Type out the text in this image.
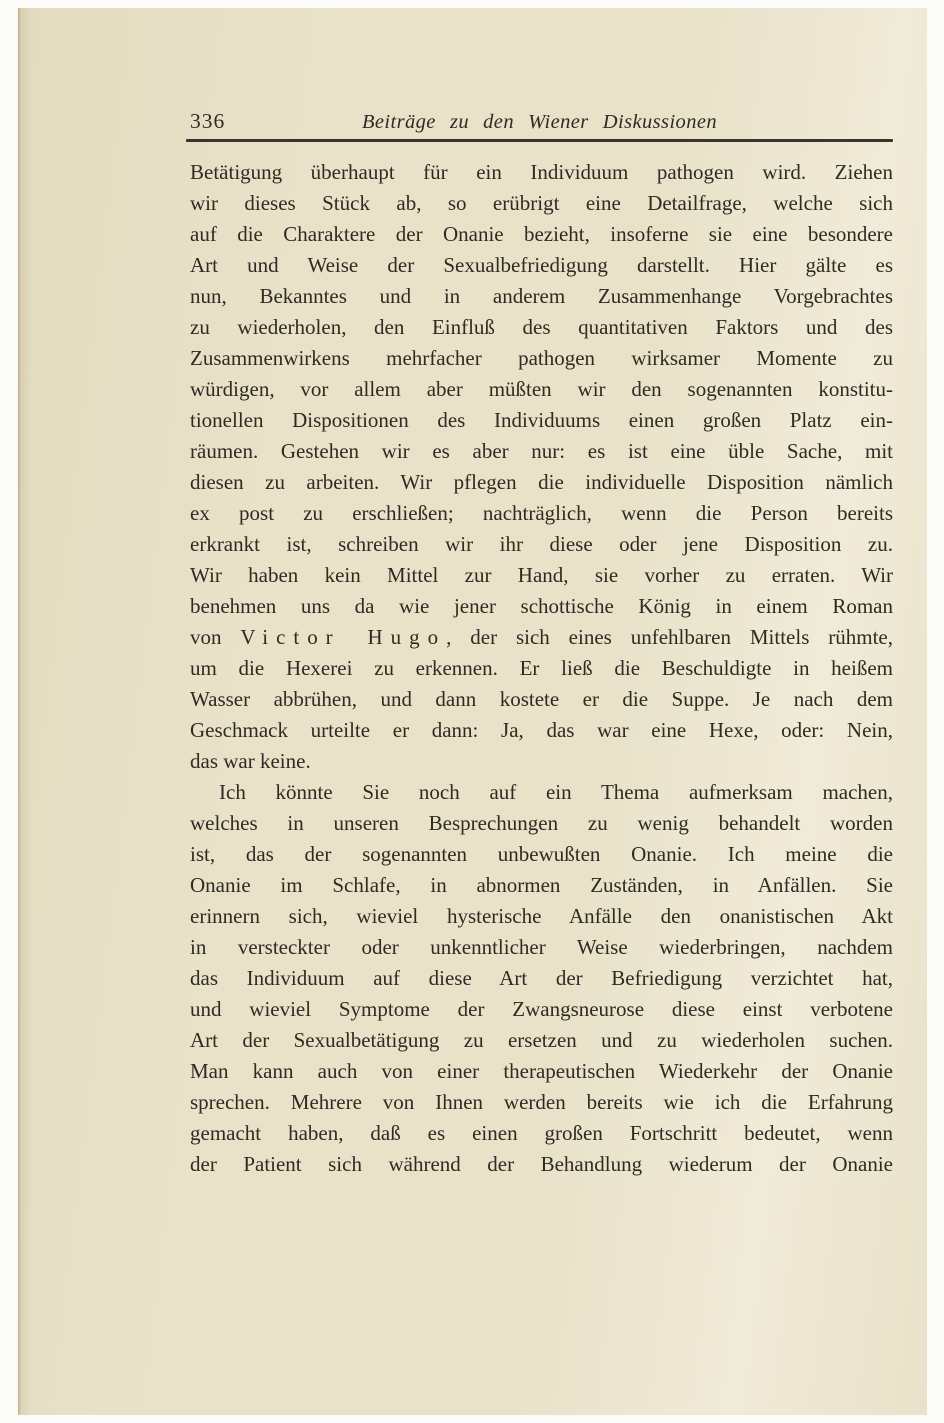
336	Beiträge zu den Wiener Diskussionen
Betätigung überhaupt für ein Individuum pathogen wird. Ziehen
wir dieses Stück ab, so erübrigt eine Detailfrage, welche sich
auf die Charaktere der Onanie bezieht, insoferne sie eine besondere
Art und Weise der Sexualbefriedigung darstellt. Hier gälte es
nun, Bekanntes und in anderem Zusammenhange Vorgebrachtes
zu wiederholen, den Einfluß des quantitativen Faktors und des
Zusammenwirkens mehrfacher pathogen wirksamer Momente zu
würdigen, vor allem aber müßten wir den sogenannten konstitu-
tionellen Dispositionen des Individuums einen großen Platz ein-
räumen. Gestehen wir es aber nur: es ist eine üble Sache, mit
diesen zu arbeiten. Wir pflegen die individuelle Disposition nämlich
ex post zu erschließen; nachträglich, wenn die Person bereits
erkrankt ist, schreiben wir ihr diese oder jene Disposition zu.
Wir haben kein Mittel zur Hand, sie vorher zu erraten. Wir
benehmen uns da wie jener schottische König in einem Roman
von Victor Hugo, der sich eines unfehlbaren Mittels rühmte,
um die Hexerei zu erkennen. Er ließ die Beschuldigte in heißem
Wasser abbrühen, und dann kostete er die Suppe. Je nach dem
Geschmack urteilte er dann: Ja, das war eine Hexe, oder: Nein,
das war keine.
Ich könnte Sie noch auf ein Thema aufmerksam machen,
welches in unseren Besprechungen zu wenig behandelt worden
ist, das der sogenannten unbewußten Onanie. Ich meine die
Onanie im Schlafe, in abnormen Zuständen, in Anfällen. Sie
erinnern sich, wieviel hysterische Anfälle den onanistischen Akt
in versteckter oder unkenntlicher Weise wiederbringen, nachdem
das Individuum auf diese Art der Befriedigung verzichtet hat,
und wieviel Symptome der Zwangsneurose diese einst verbotene
Art der Sexualbetätigung zu ersetzen und zu wiederholen suchen.
Man kann auch von einer therapeutischen Wiederkehr der Onanie
sprechen. Mehrere von Ihnen werden bereits wie ich die Erfahrung
gemacht haben, daß es einen großen Fortschritt bedeutet, wenn
der Patient sich während der Behandlung wiederum der Onanie
